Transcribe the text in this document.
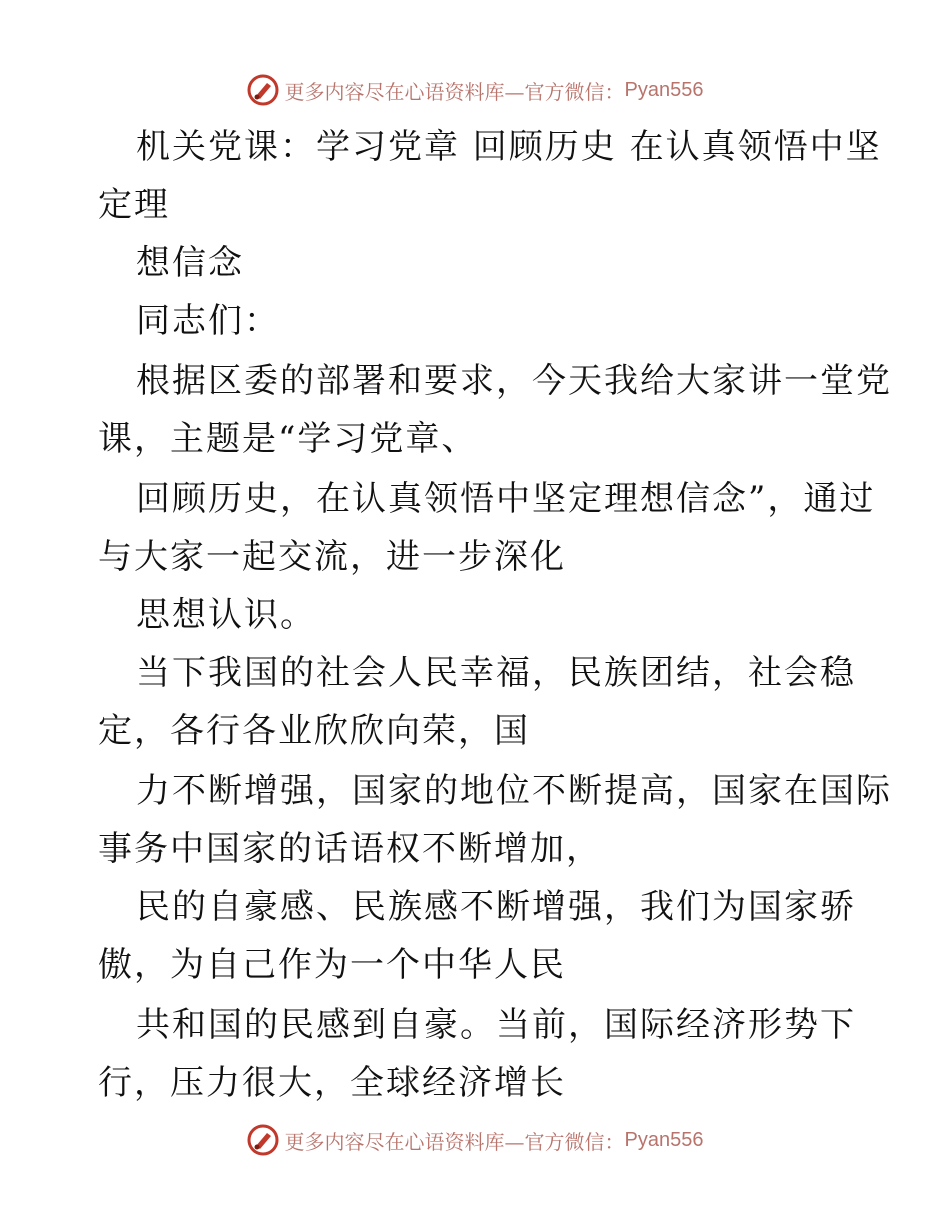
更多内容尽在心语资料库—官方微信： Pyan556
机关党课：学习党章 回顾历史 在认真领悟中坚
定理
想信念
同志们：
根据区委的部署和要求，今天我给大家讲一堂党
课，主题是“学习党章、
回顾历史，在认真领悟中坚定理想信念”，通过
与大家一起交流，进一步深化
思想认识。
当下我国的社会人民幸福，民族团结，社会稳
定，各行各业欣欣向荣，国
力不断增强，国家的地位不断提高，国家在国际
事务中国家的话语权不断增加，
民的自豪感、民族感不断增强，我们为国家骄
傲，为自己作为一个中华人民
共和国的民感到自豪。当前，国际经济形势下
行，压力很大，全球经济增长
更多内容尽在心语资料库—官方微信： Pyan556
